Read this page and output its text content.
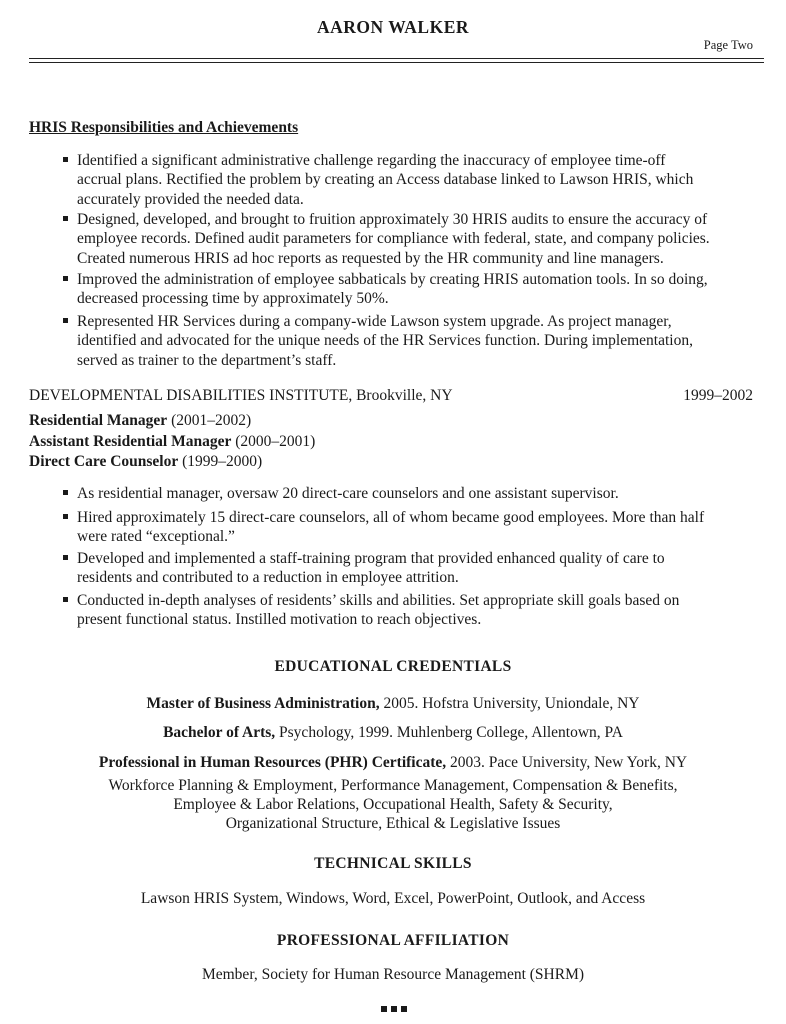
AARON WALKER
Page Two
HRIS Responsibilities and Achievements
Identified a significant administrative challenge regarding the inaccuracy of employee time-off
accrual plans. Rectified the problem by creating an Access database linked to Lawson HRIS, which
accurately provided the needed data.
Designed, developed, and brought to fruition approximately 30 HRIS audits to ensure the accuracy of
employee records. Defined audit parameters for compliance with federal, state, and company policies.
Created numerous HRIS ad hoc reports as requested by the HR community and line managers.
Improved the administration of employee sabbaticals by creating HRIS automation tools. In so doing,
decreased processing time by approximately 50%.
Represented HR Services during a company-wide Lawson system upgrade. As project manager,
identified and advocated for the unique needs of the HR Services function. During implementation,
served as trainer to the department’s staff.
DEVELOPMENTAL DISABILITIES INSTITUTE, Brookville, NY	1999–2002
Residential Manager (2001–2002)
Assistant Residential Manager (2000–2001)
Direct Care Counselor (1999–2000)
As residential manager, oversaw 20 direct-care counselors and one assistant supervisor.
Hired approximately 15 direct-care counselors, all of whom became good employees. More than half
were rated “exceptional.”
Developed and implemented a staff-training program that provided enhanced quality of care to
residents and contributed to a reduction in employee attrition.
Conducted in-depth analyses of residents’ skills and abilities. Set appropriate skill goals based on
present functional status. Instilled motivation to reach objectives.
EDUCATIONAL CREDENTIALS
Master of Business Administration, 2005. Hofstra University, Uniondale, NY
Bachelor of Arts, Psychology, 1999. Muhlenberg College, Allentown, PA
Professional in Human Resources (PHR) Certificate, 2003. Pace University, New York, NY
Workforce Planning & Employment, Performance Management, Compensation & Benefits,
Employee & Labor Relations, Occupational Health, Safety & Security,
Organizational Structure, Ethical & Legislative Issues
TECHNICAL SKILLS
Lawson HRIS System, Windows, Word, Excel, PowerPoint, Outlook, and Access
PROFESSIONAL AFFILIATION
Member, Society for Human Resource Management (SHRM)
